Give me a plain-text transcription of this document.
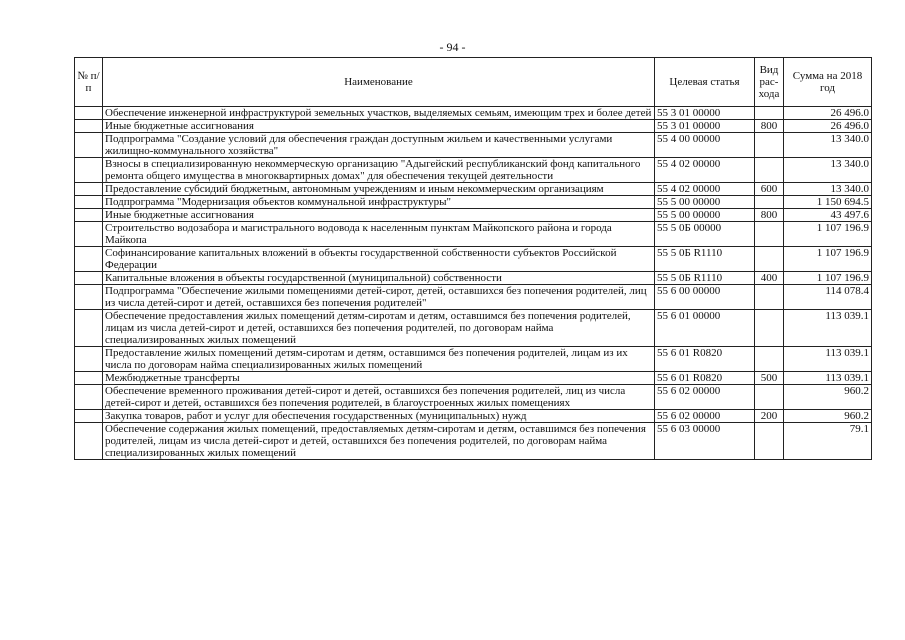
- 94 -
№ п/п	Наименование	Целевая статья	Вид рас-хода	Сумма на 2018 год
	Обеспечение инженерной инфраструктурой земельных участков, выделяемых семьям, имеющим трех и более детей	55 3 01 00000		26 496.0
	Иные бюджетные ассигнования	55 3 01 00000	800	26 496.0
	Подпрограмма "Создание условий для обеспечения граждан доступным жильем и качественными услугами жилищно-коммунального хозяйства"	55 4 00 00000		13 340.0
	Взносы в специализированную некоммерческую организацию "Адыгейский республиканский фонд капитального ремонта общего имущества в многоквартирных домах" для обеспечения текущей деятельности	55 4 02 00000		13 340.0
	Предоставление субсидий бюджетным, автономным учреждениям и иным некоммерческим организациям	55 4 02 00000	600	13 340.0
	Подпрограмма "Модернизация объектов коммунальной инфраструктуры"	55 5 00 00000		1 150 694.5
	Иные бюджетные ассигнования	55 5 00 00000	800	43 497.6
	Строительство водозабора и магистрального водовода к населенным пунктам Майкопского района и города Майкопа	55 5 0Б 00000		1 107 196.9
	Софинансирование капитальных вложений в объекты государственной собственности субъектов Российской Федерации	55 5 0Б R1110		1 107 196.9
	Капитальные вложения в объекты государственной (муниципальной) собственности	55 5 0Б R1110	400	1 107 196.9
	Подпрограмма "Обеспечение жилыми помещениями детей-сирот, детей, оставшихся без попечения родителей, лиц из числа детей-сирот и детей, оставшихся без попечения родителей"	55 6 00 00000		114 078.4
	Обеспечение предоставления жилых помещений детям-сиротам и детям, оставшимся без попечения родителей, лицам из числа детей-сирот и детей, оставшихся без попечения родителей, по договорам найма специализированных жилых помещений	55 6 01 00000		113 039.1
	Предоставление жилых помещений детям-сиротам и детям, оставшимся без попечения родителей, лицам из их числа по договорам найма специализированных жилых помещений	55 6 01 R0820		113 039.1
	Межбюджетные трансферты	55 6 01 R0820	500	113 039.1
	Обеспечение временного проживания детей-сирот и детей, оставшихся без попечения родителей, лиц из числа детей-сирот и детей, оставшихся без попечения родителей, в благоустроенных жилых помещениях	55 6 02 00000		960.2
	Закупка товаров, работ и услуг для обеспечения государственных (муниципальных) нужд	55 6 02 00000	200	960.2
	Обеспечение содержания жилых помещений, предоставляемых детям-сиротам и детям, оставшимся без попечения родителей, лицам из числа детей-сирот и детей, оставшихся без попечения родителей, по договорам найма специализированных жилых помещений	55 6 03 00000		79.1
